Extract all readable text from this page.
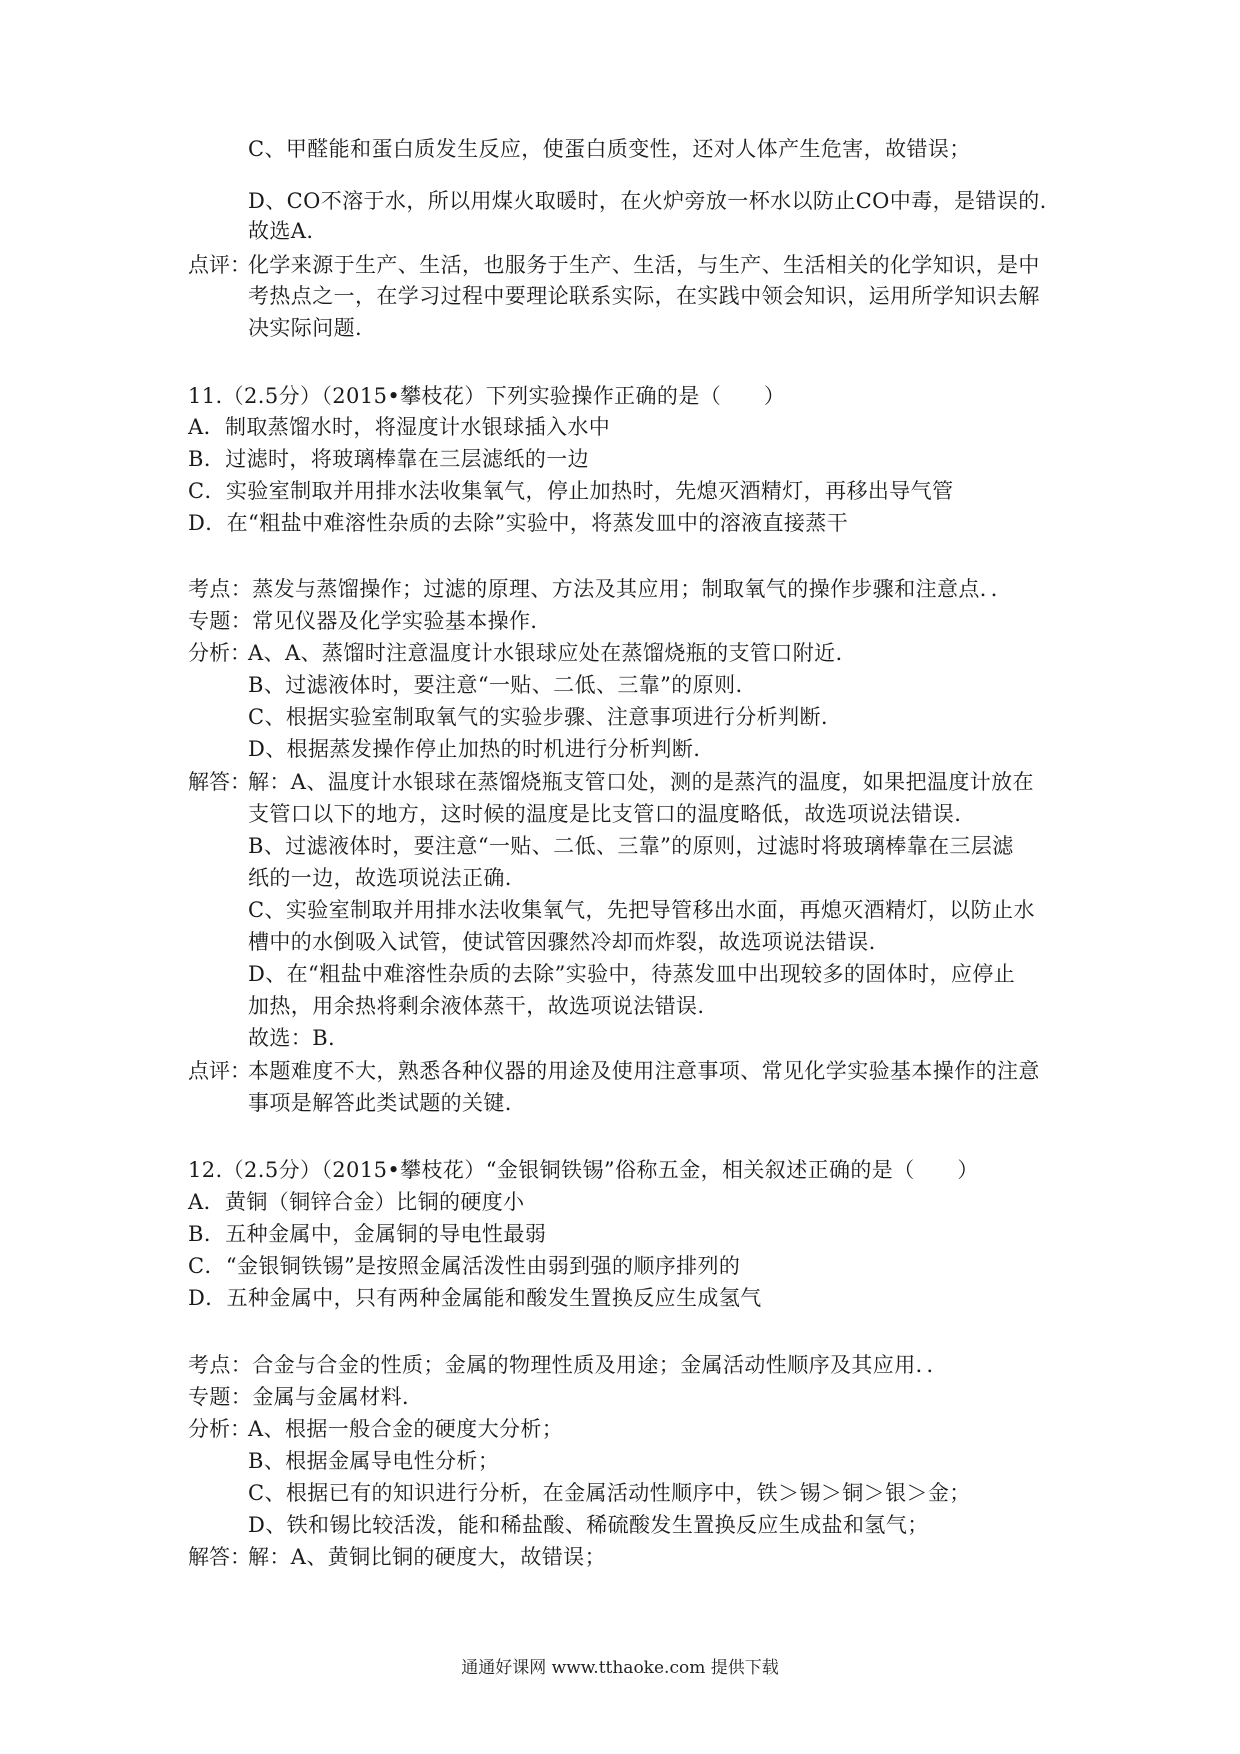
C、甲醛能和蛋白质发生反应，使蛋白质变性，还对人体产生危害，故错误；
D、CO不溶于水，所以用煤火取暖时，在火炉旁放一杯水以防止CO中毒，是错误的.
故选A.
点评：
化学来源于生产、生活，也服务于生产、生活，与生产、生活相关的化学知识，是中
考热点之一，在学习过程中要理论联系实际，在实践中领会知识，运用所学知识去解
决实际问题.
11.（2.5分）（2015•攀枝花）下列实验操作正确的是（　　）
A．制取蒸馏水时，将湿度计水银球插入水中
B．过滤时，将玻璃棒靠在三层滤纸的一边
C．实验室制取并用排水法收集氧气，停止加热时，先熄灭酒精灯，再移出导气管
D．在“粗盐中难溶性杂质的去除”实验中，将蒸发皿中的溶液直接蒸干
考点：蒸发与蒸馏操作；过滤的原理、方法及其应用；制取氧气的操作步骤和注意点．．
专题：常见仪器及化学实验基本操作．
分析：
A、A、蒸馏时注意温度计水银球应处在蒸馏烧瓶的支管口附近.
B、过滤液体时，要注意“一贴、二低、三靠”的原则.
C、根据实验室制取氧气的实验步骤、注意事项进行分析判断.
D、根据蒸发操作停止加热的时机进行分析判断.
解答：
解：A、温度计水银球在蒸馏烧瓶支管口处，测的是蒸汽的温度，如果把温度计放在
支管口以下的地方，这时候的温度是比支管口的温度略低，故选项说法错误.
B、过滤液体时，要注意“一贴、二低、三靠”的原则，过滤时将玻璃棒靠在三层滤
纸的一边，故选项说法正确.
C、实验室制取并用排水法收集氧气，先把导管移出水面，再熄灭酒精灯，以防止水
槽中的水倒吸入试管，使试管因骤然冷却而炸裂，故选项说法错误.
D、在“粗盐中难溶性杂质的去除”实验中，待蒸发皿中出现较多的固体时，应停止
加热，用余热将剩余液体蒸干，故选项说法错误.
故选：B.
点评：
本题难度不大，熟悉各种仪器的用途及使用注意事项、常见化学实验基本操作的注意
事项是解答此类试题的关键.
12.（2.5分）（2015•攀枝花）“金银铜铁锡”俗称五金，相关叙述正确的是（　　）
A．黄铜（铜锌合金）比铜的硬度小
B．五种金属中，金属铜的导电性最弱
C．“金银铜铁锡”是按照金属活泼性由弱到强的顺序排列的
D．五种金属中，只有两种金属能和酸发生置换反应生成氢气
考点：合金与合金的性质；金属的物理性质及用途；金属活动性顺序及其应用．．
专题：金属与金属材料．
分析：
A、根据一般合金的硬度大分析；
B、根据金属导电性分析；
C、根据已有的知识进行分析，在金属活动性顺序中，铁＞锡＞铜＞银＞金；
D、铁和锡比较活泼，能和稀盐酸、稀硫酸发生置换反应生成盐和氢气；
解答：
解：A、黄铜比铜的硬度大，故错误；
通通好课网 www.tthaoke.com 提供下载
